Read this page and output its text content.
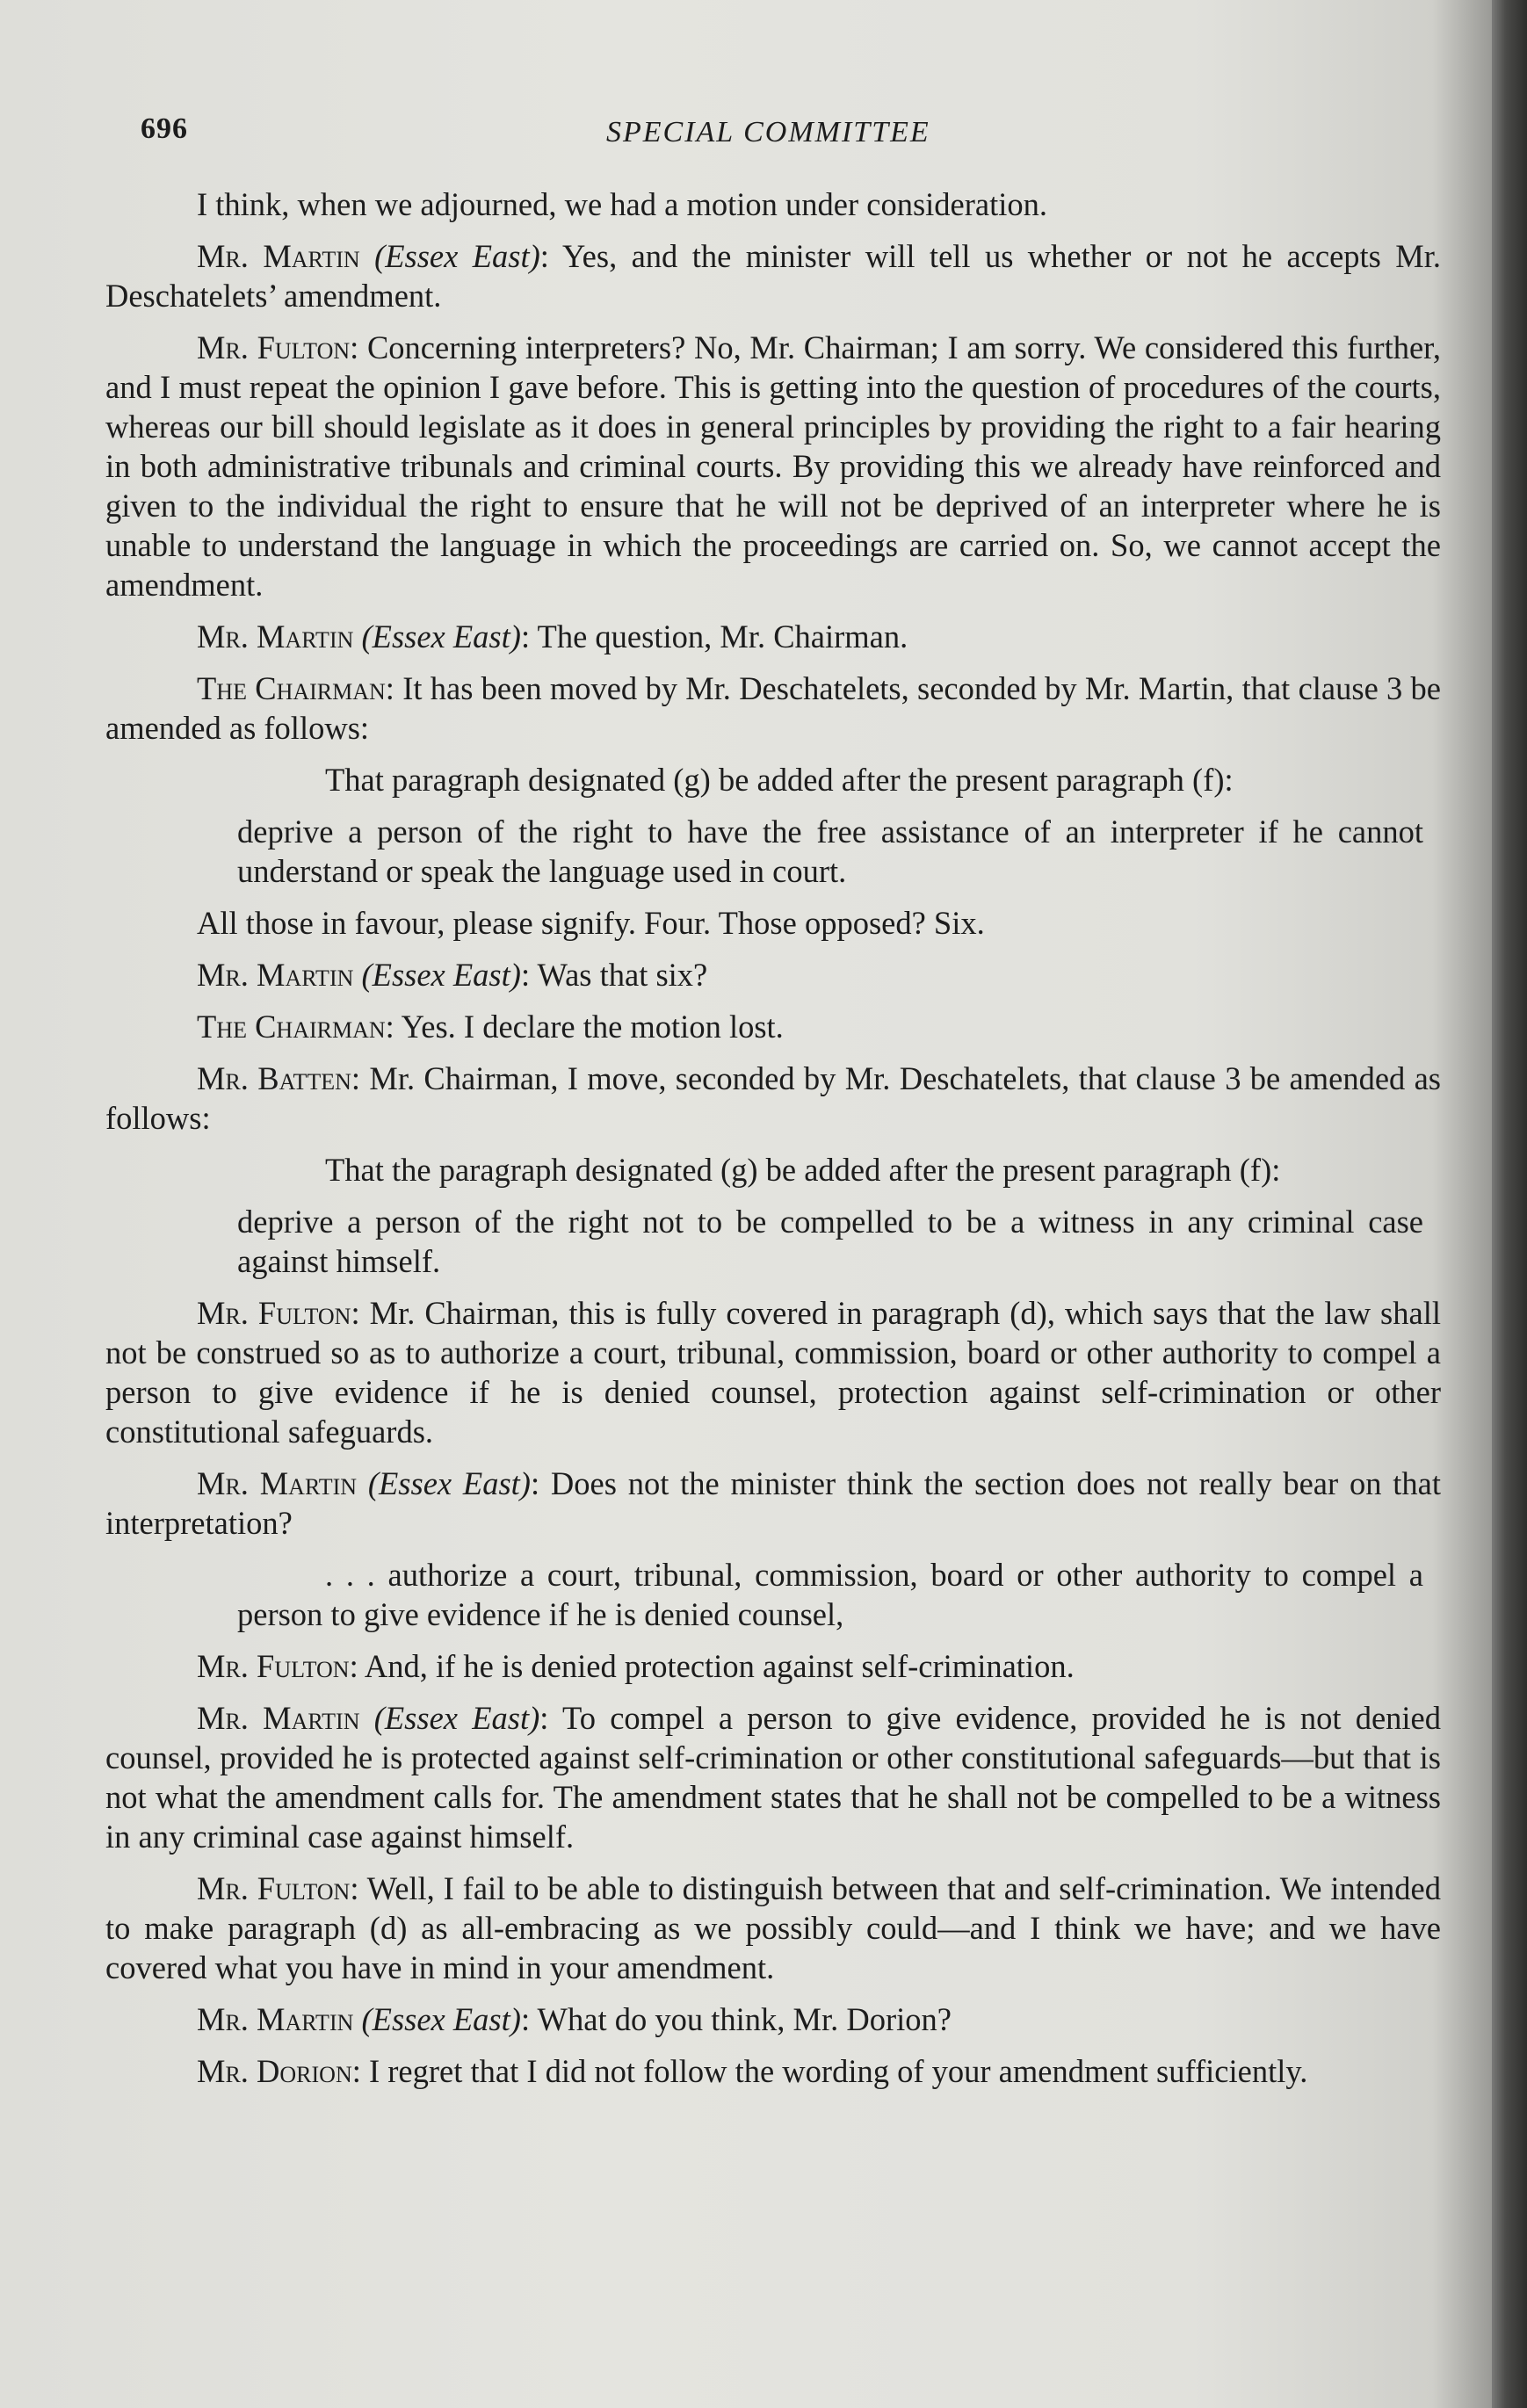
696	SPECIAL COMMITTEE

I think, when we adjourned, we had a motion under consideration.

Mr. Martin (Essex East): Yes, and the minister will tell us whether or not he accepts Mr. Deschatelets’ amendment.

Mr. Fulton: Concerning interpreters? No, Mr. Chairman; I am sorry. We considered this further, and I must repeat the opinion I gave before. This is getting into the question of procedures of the courts, whereas our bill should legislate as it does in general principles by providing the right to a fair hearing in both administrative tribunals and criminal courts. By providing this we already have reinforced and given to the individual the right to ensure that he will not be deprived of an interpreter where he is unable to understand the language in which the proceedings are carried on. So, we cannot accept the amendment.

Mr. Martin (Essex East): The question, Mr. Chairman.

The Chairman: It has been moved by Mr. Deschatelets, seconded by Mr. Martin, that clause 3 be amended as follows:

That paragraph designated (g) be added after the present paragraph (f):

deprive a person of the right to have the free assistance of an interpreter if he cannot understand or speak the language used in court.

All those in favour, please signify. Four. Those opposed? Six.

Mr. Martin (Essex East): Was that six?

The Chairman: Yes. I declare the motion lost.

Mr. Batten: Mr. Chairman, I move, seconded by Mr. Deschatelets, that clause 3 be amended as follows:

That the paragraph designated (g) be added after the present paragraph (f):

deprive a person of the right not to be compelled to be a witness in any criminal case against himself.

Mr. Fulton: Mr. Chairman, this is fully covered in paragraph (d), which says that the law shall not be construed so as to authorize a court, tribunal, commission, board or other authority to compel a person to give evidence if he is denied counsel, protection against self-crimination or other constitutional safeguards.

Mr. Martin (Essex East): Does not the minister think the section does not really bear on that interpretation?

. . . authorize a court, tribunal, commission, board or other authority to compel a person to give evidence if he is denied counsel,

Mr. Fulton: And, if he is denied protection against self-crimination.

Mr. Martin (Essex East): To compel a person to give evidence, provided he is not denied counsel, provided he is protected against self-crimination or other constitutional safeguards—but that is not what the amendment calls for. The amendment states that he shall not be compelled to be a witness in any criminal case against himself.

Mr. Fulton: Well, I fail to be able to distinguish between that and self-crimination. We intended to make paragraph (d) as all-embracing as we possibly could—and I think we have; and we have covered what you have in mind in your amendment.

Mr. Martin (Essex East): What do you think, Mr. Dorion?

Mr. Dorion: I regret that I did not follow the wording of your amendment sufficiently.
